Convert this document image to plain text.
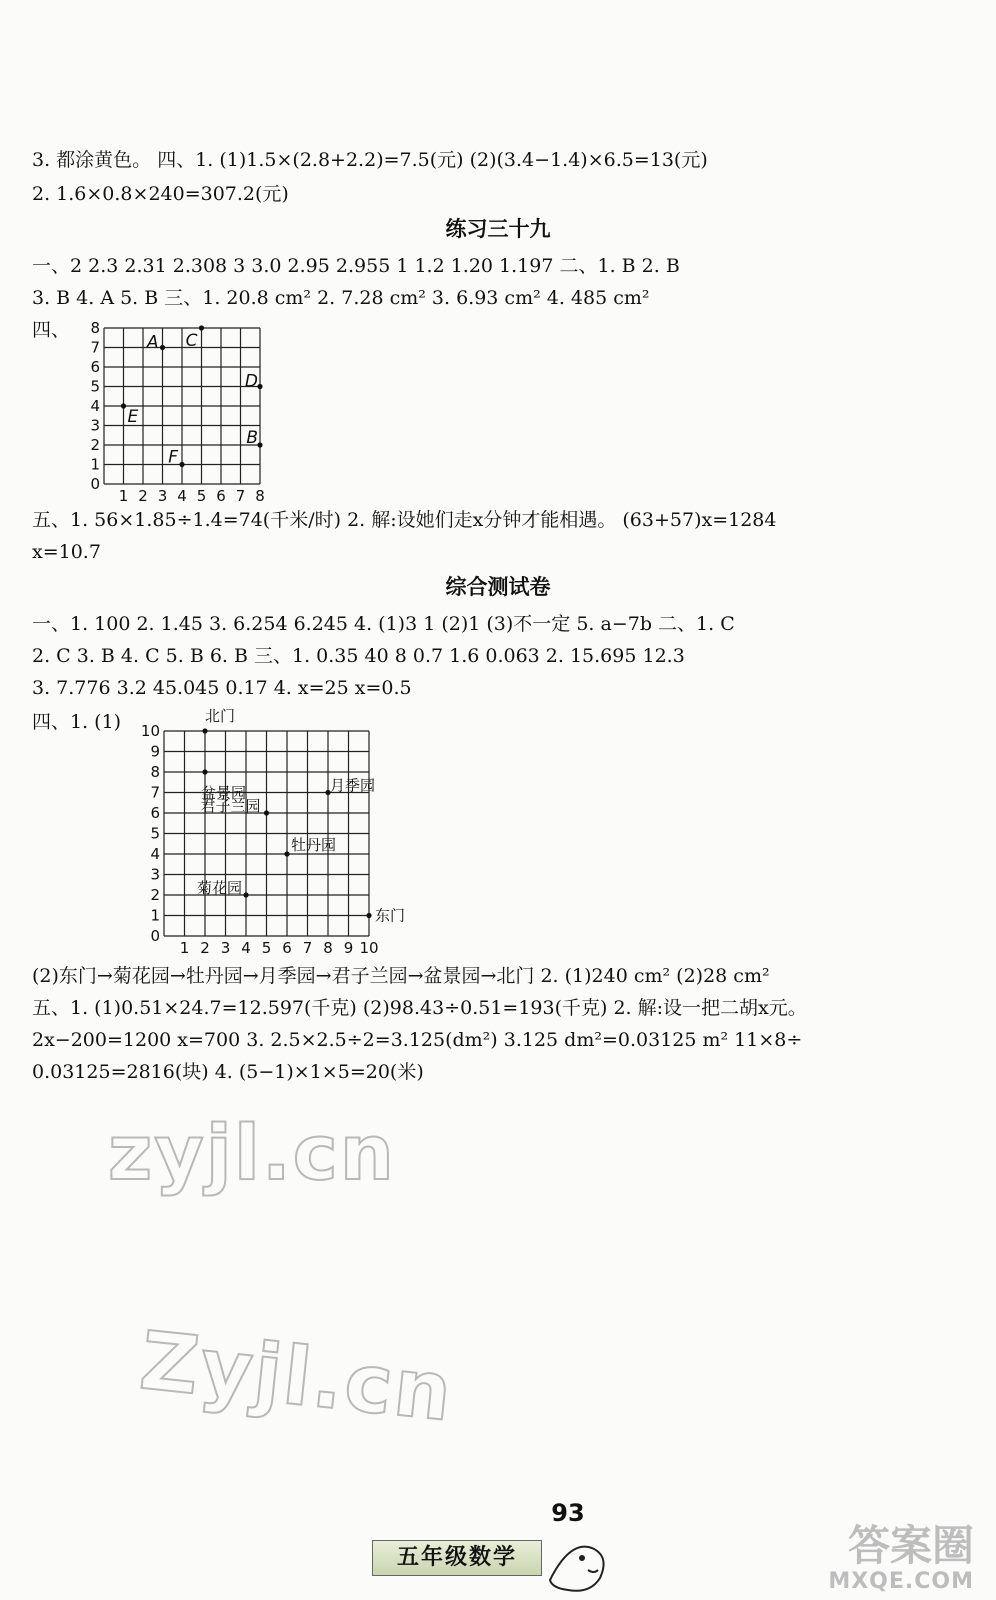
3. 都涂黄色。 四、1. (1)1.5×(2.8+2.2)=7.5(元) (2)(3.4−1.4)×6.5=13(元)
2. 1.6×0.8×240=307.2(元)
练习三十九
一、2 2.3 2.31 2.308 3 3.0 2.95 2.955 1 1.2 1.20 1.197 二、1. B 2. B
3. B 4. A 5. B 三、1. 20.8 cm² 2. 7.28 cm² 3. 6.93 cm² 4. 485 cm²
四、
0
1
2
3
4
5
6
7
8
1 2 3 4 5 6 7 8
A C
D
E
B
F
五、1. 56×1.85÷1.4=74(千米/时) 2. 解:设她们走x分钟才能相遇。 (63+57)x=1284
x=10.7
综合测试卷
一、1. 100 2. 1.45 3. 6.254 6.245 4. (1)3 1 (2)1 (3)不一定 5. a−7b 二、1. C
2. C 3. B 4. C 5. B 6. B 三、1. 0.35 40 8 0.7 1.6 0.063 2. 15.695 12.3
3. 7.776 3.2 45.045 0.17 4. x=25 x=0.5
四、1. (1)
0
1
2
3
4
5
6
7
8
9
10
1 2 3 4 5 6 7 8 9 10
北门
盆景园	月季园
君子兰园
牡丹园
菊花园
东门
(2)东门→菊花园→牡丹园→月季园→君子兰园→盆景园→北门 2. (1)240 cm² (2)28 cm²
五、1. (1)0.51×24.7=12.597(千克) (2)98.43÷0.51=193(千克) 2. 解:设一把二胡x元。
2x−200=1200 x=700 3. 2.5×2.5÷2=3.125(dm²) 3.125 dm²=0.03125 m² 11×8÷
0.03125=2816(块) 4. (5−1)×1×5=20(米)
zyjl.cn
Zyjl.cn
93
五年级数学	答案圈
MXQE.COM
